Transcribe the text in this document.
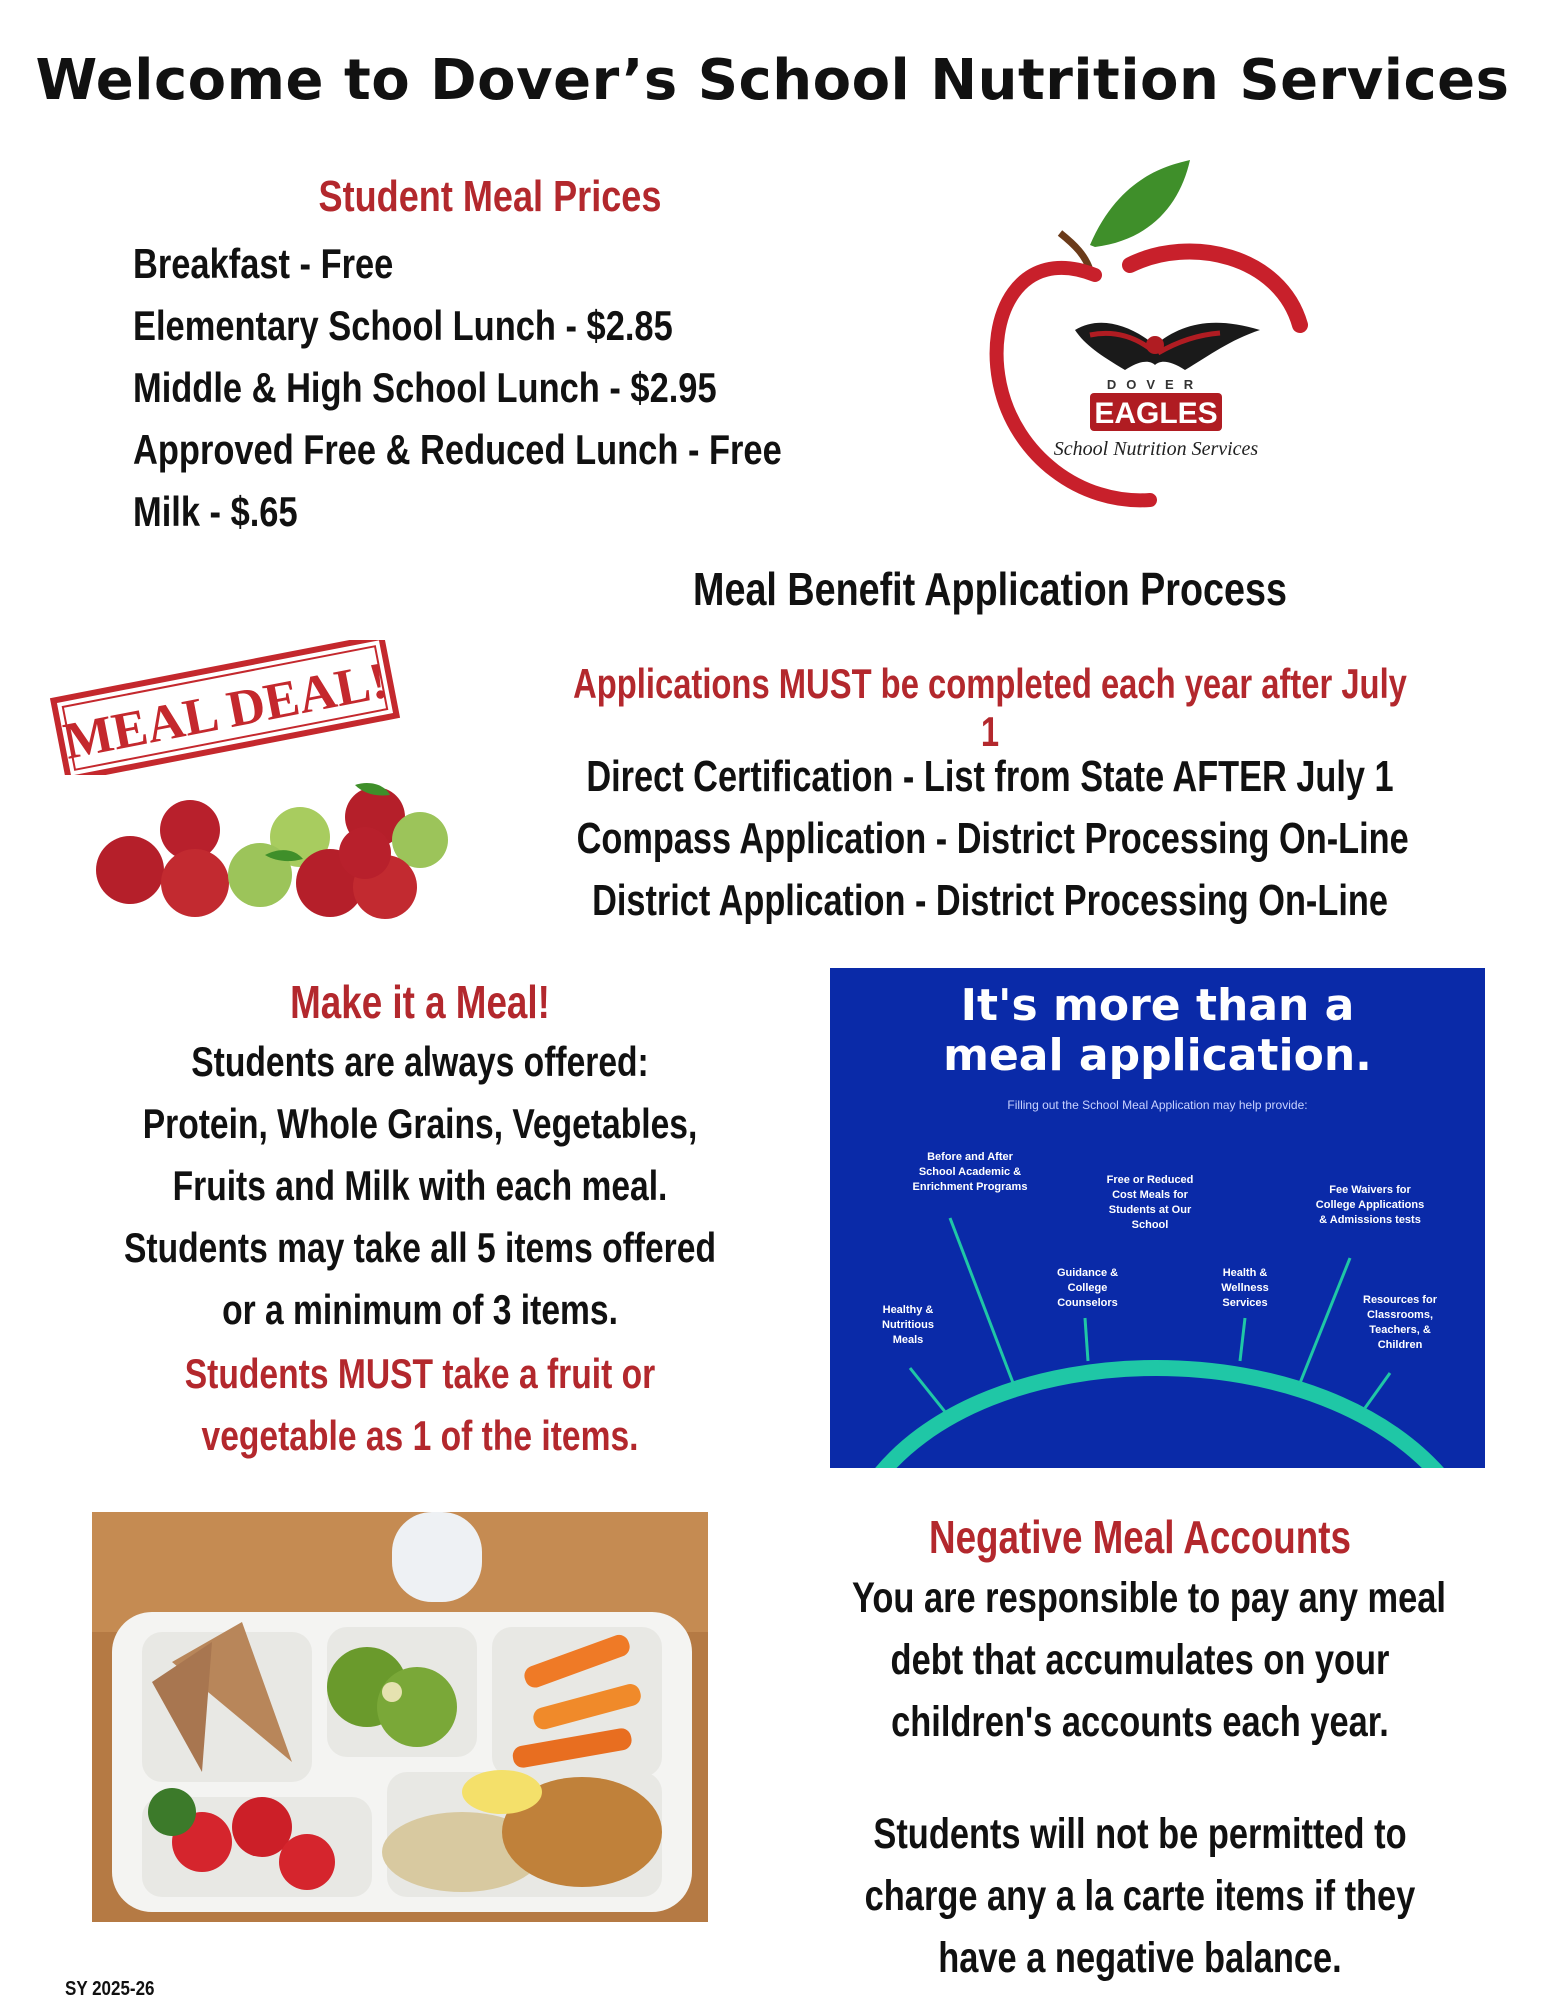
Welcome to Dover’s School Nutrition Services
Student Meal Prices
Breakfast - Free
Elementary School Lunch - $2.85
Middle & High School Lunch - $2.95
Approved Free & Reduced Lunch - Free
Milk - $.65
DOVER
EAGLES
School Nutrition Services
Meal Benefit Application Process
Applications MUST be completed each year after July 1
Direct Certification - List from State AFTER July 1
Compass Application - District Processing On-Line
District Application - District Processing On-Line
MEAL DEAL!
Make it a Meal!
Students are always offered:
Protein, Whole Grains, Vegetables,
Fruits and Milk with each meal.
Students may take all 5 items offered
or a minimum of 3 items.
Students MUST take a fruit or
vegetable as 1 of the items.
It's more than a
meal application.
Filling out the School Meal Application may help provide:
Before and After School Academic & Enrichment Programs
Free or Reduced Cost Meals for Students at Our School
Fee Waivers for College Applications & Admissions tests
Guidance & College Counselors
Health & Wellness Services
Healthy & Nutritious Meals
Resources for Classrooms, Teachers, & Children
Negative Meal Accounts
You are responsible to pay any meal
debt that accumulates on your
children's accounts each year.
Students will not be permitted to
charge any a la carte items if they
have a negative balance.
SY 2025-26
